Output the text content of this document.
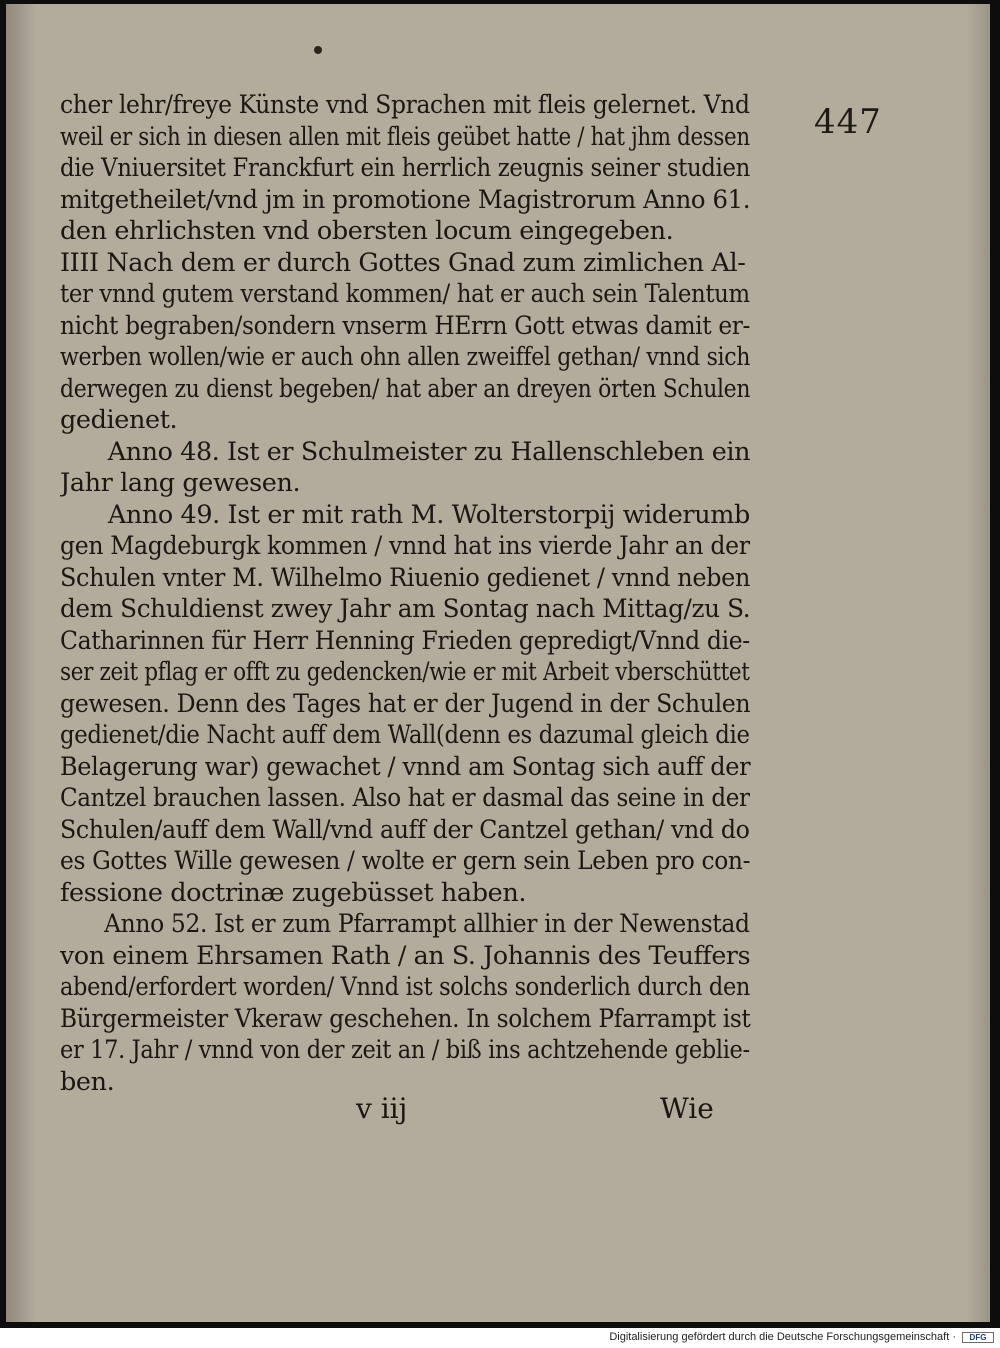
447
cher lehr/freye Künste vnd Sprachen mit fleis gelernet. Vnd
weil er sich in diesen allen mit fleis geübet hatte / hat jhm dessen
die Vniuersitet Franckfurt ein herrlich zeugnis seiner studien
mitgetheilet/vnd jm in promotione Magistrorum Anno 61.
den ehrlichsten vnd obersten locum eingegeben.
IIII Nach dem er durch Gottes Gnad zum zimlichen Al-
ter vnnd gutem verstand kommen/ hat er auch sein Talentum
nicht begraben/sondern vnserm HErrn Gott etwas damit er-
werben wollen/wie er auch ohn allen zweiffel gethan/ vnnd sich
derwegen zu dienst begeben/ hat aber an dreyen örten Schulen
gedienet.
Anno 48. Ist er Schulmeister zu Hallenschleben ein
Jahr lang gewesen.
Anno 49. Ist er mit rath M. Wolterstorpij widerumb
gen Magdeburgk kommen / vnnd hat ins vierde Jahr an der
Schulen vnter M. Wilhelmo Riuenio gedienet / vnnd neben
dem Schuldienst zwey Jahr am Sontag nach Mittag/zu S.
Catharinnen für Herr Henning Frieden gepredigt/Vnnd die-
ser zeit pflag er offt zu gedencken/wie er mit Arbeit vberschüttet
gewesen. Denn des Tages hat er der Jugend in der Schulen
gedienet/die Nacht auff dem Wall(denn es dazumal gleich die
Belagerung war) gewachet / vnnd am Sontag sich auff der
Cantzel brauchen lassen. Also hat er dasmal das seine in der
Schulen/auff dem Wall/vnd auff der Cantzel gethan/ vnd do
es Gottes Wille gewesen / wolte er gern sein Leben pro con-
fessione doctrinæ zugebüsset haben.
Anno 52. Ist er zum Pfarrampt allhier in der Newenstad
von einem Ehrsamen Rath / an S. Johannis des Teuffers
abend/erfordert worden/ Vnnd ist solchs sonderlich durch den
Bürgermeister Vkeraw geschehen. In solchem Pfarrampt ist
er 17. Jahr / vnnd von der zeit an / biß ins achtzehende geblie-
ben.
v iij	Wie
Digitalisierung gefördert durch die Deutsche Forschungsgemeinschaft ·	DFG
